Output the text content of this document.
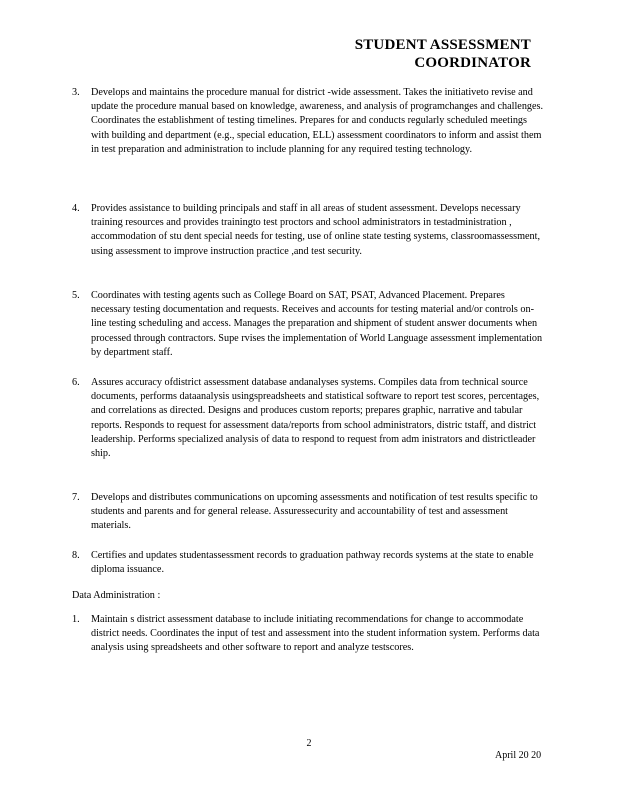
STUDENT ASSESSMENT
COORDINATOR
3. Develops and maintains the procedure manual for district -wide assessment. Takes the initiativeto revise and update the procedure manual based on knowledge, awareness, and analysis of programchanges and challenges. Coordinates the establishment of testing timelines. Prepares for and conducts regularly scheduled meetings with building and department (e.g., special education, ELL) assessment coordinators to inform and assist them in test preparation and administration to include planning for any required testing technology.
4. Provides assistance to building principals and staff in all areas of student assessment. Develops necessary training resources and provides trainingto test proctors and school administrators in testadministration , accommodation of stu dent special needs for testing, use of online state testing systems, classroomassessment, using assessment to improve instruction practice ,and test security.
5. Coordinates with testing agents such as College Board on SAT, PSAT, Advanced Placement. Prepares necessary testing documentation and requests. Receives and accounts for testing material and/or controls on-line testing scheduling and access. Manages the preparation and shipment of student answer documents when processed through contractors. Supe rvises the implementation of World Language assessment implementation by department staff.
6. Assures accuracy ofdistrict assessment database andanalyses systems. Compiles data from technical source documents, performs dataanalysis usingspreadsheets and statistical software to report test scores, percentages, and correlations as directed. Designs and produces custom reports; prepares graphic, narrative and tabular reports. Responds to request for assessment data/reports from school administrators, distric tstaff, and district leadership. Performs specialized analysis of data to respond to request from adm inistrators and districtleader ship.
7. Develops and distributes communications on upcoming assessments and notification of test results specific to students and parents and for general release. Assuressecurity and accountability of test and assessment materials.
8. Certifies and updates studentassessment records to graduation pathway records systems at the state to enable diploma issuance.
Data Administration :
1. Maintain s district assessment database to include initiating recommendations for change to accommodate district needs. Coordinates the input of test and assessment into the student information system. Performs data analysis using spreadsheets and other software to report and analyze testscores.
2
April 20 20
